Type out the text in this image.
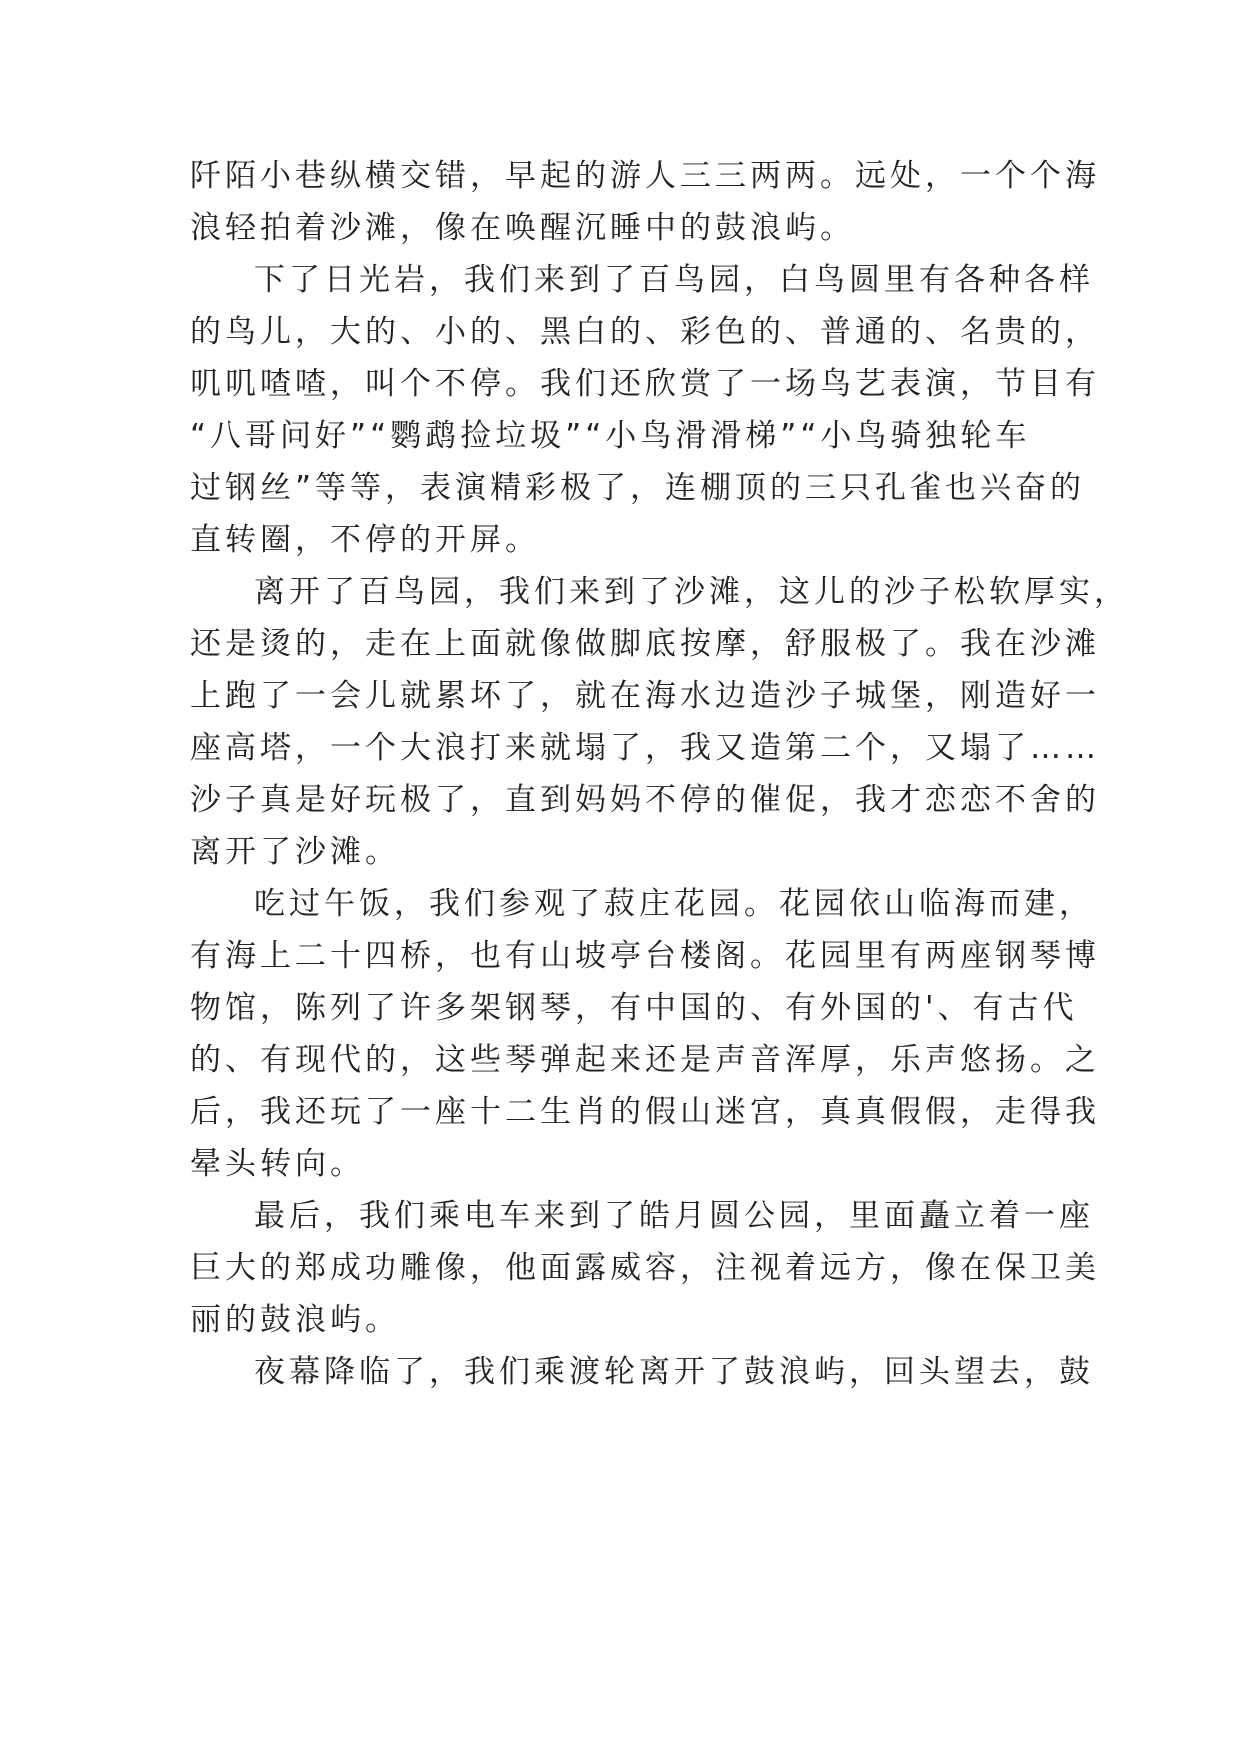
阡陌小巷纵横交错，早起的游人三三两两。远处，一个个海
浪轻拍着沙滩，像在唤醒沉睡中的鼓浪屿。
下了日光岩，我们来到了百鸟园，白鸟圆里有各种各样
的鸟儿，大的、小的、黑白的、彩色的、普通的、名贵的，
叽叽喳喳，叫个不停。我们还欣赏了一场鸟艺表演，节目有
“八哥问好”“鹦鹉捡垃圾”“小鸟滑滑梯”“小鸟骑独轮车
过钢丝”等等，表演精彩极了，连棚顶的三只孔雀也兴奋的
直转圈，不停的开屏。
离开了百鸟园，我们来到了沙滩，这儿的沙子松软厚实，
还是烫的，走在上面就像做脚底按摩，舒服极了。我在沙滩
上跑了一会儿就累坏了，就在海水边造沙子城堡，刚造好一
座高塔，一个大浪打来就塌了，我又造第二个，又塌了……
沙子真是好玩极了，直到妈妈不停的催促，我才恋恋不舍的
离开了沙滩。
吃过午饭，我们参观了菽庄花园。花园依山临海而建，
有海上二十四桥，也有山坡亭台楼阁。花园里有两座钢琴博
物馆，陈列了许多架钢琴，有中国的、有外国的'、有古代
的、有现代的，这些琴弹起来还是声音浑厚，乐声悠扬。之
后，我还玩了一座十二生肖的假山迷宫，真真假假，走得我
晕头转向。
最后，我们乘电车来到了皓月圆公园，里面矗立着一座
巨大的郑成功雕像，他面露威容，注视着远方，像在保卫美
丽的鼓浪屿。
夜幕降临了，我们乘渡轮离开了鼓浪屿，回头望去，鼓
